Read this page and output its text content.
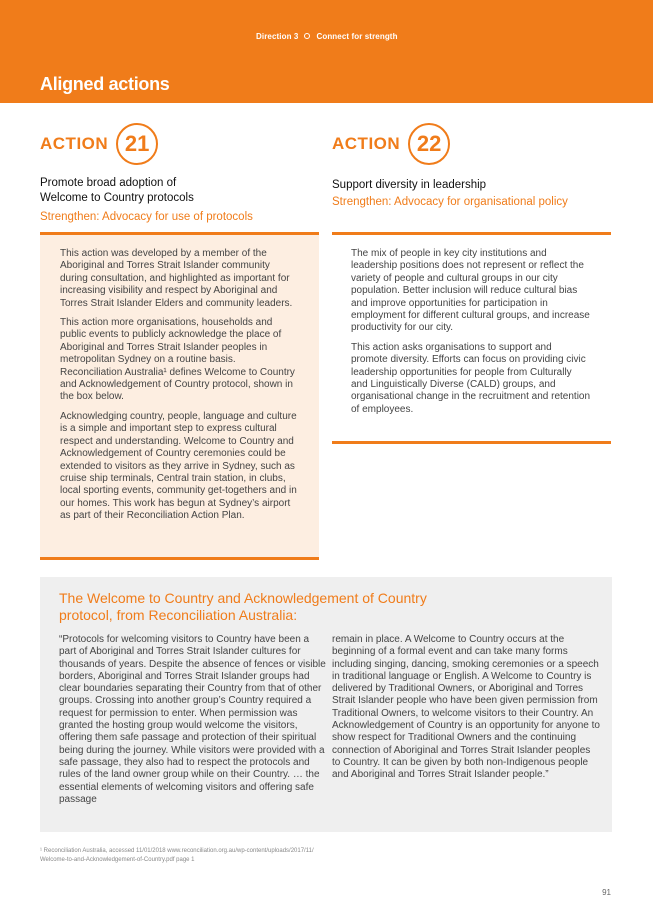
Direction 3 Connect for strength
Aligned actions
ACTION 21
Promote broad adoption of
Welcome to Country protocols
Strengthen: Advocacy for use of protocols

This action was developed by a member of the Aboriginal and Torres Strait Islander community during consultation, and highlighted as important for increasing visibility and respect by Aboriginal and Torres Strait Islander Elders and community leaders.

This action more organisations, households and public events to publicly acknowledge the place of Aboriginal and Torres Strait Islander peoples in metropolitan Sydney on a routine basis. Reconciliation Australia¹ defines Welcome to Country and Acknowledgement of Country protocol, shown in the box below.

Acknowledging country, people, language and culture is a simple and important step to express cultural respect and understanding. Welcome to Country and Acknowledgement of Country ceremonies could be extended to visitors as they arrive in Sydney, such as cruise ship terminals, Central train station, in clubs, local sporting events, community get-togethers and in our homes. This work has begun at Sydney’s airport as part of their Reconciliation Action Plan.

ACTION 22
Support diversity in leadership
Strengthen: Advocacy for organisational policy

The mix of people in key city institutions and leadership positions does not represent or reflect the variety of people and cultural groups in our city population. Better inclusion will reduce cultural bias and improve opportunities for participation in employment for different cultural groups, and increase productivity for our city.

This action asks organisations to support and promote diversity. Efforts can focus on providing civic leadership opportunities for people from Culturally and Linguistically Diverse (CALD) groups, and organisational change in the recruitment and retention of employees.

The Welcome to Country and Acknowledgement of Country protocol, from Reconciliation Australia:

“Protocols for welcoming visitors to Country have been a part of Aboriginal and Torres Strait Islander cultures for thousands of years. Despite the absence of fences or visible borders, Aboriginal and Torres Strait Islander groups had clear boundaries separating their Country from that of other groups. Crossing into another group’s Country required a request for permission to enter. When permission was granted the hosting group would welcome the visitors, offering them safe passage and protection of their spiritual being during the journey. While visitors were provided with a safe passage, they also had to respect the protocols and rules of the land owner group while on their Country. … the essential elements of welcoming visitors and offering safe passage

remain in place. A Welcome to Country occurs at the beginning of a formal event and can take many forms including singing, dancing, smoking ceremonies or a speech in traditional language or English. A Welcome to Country is delivered by Traditional Owners, or Aboriginal and Torres Strait Islander people who have been given permission from Traditional Owners, to welcome visitors to their Country. An Acknowledgement of Country is an opportunity for anyone to show respect for Traditional Owners and the continuing connection of Aboriginal and Torres Strait Islander peoples to Country. It can be given by both non-Indigenous people and Aboriginal and Torres Strait Islander people.”

¹ Reconciliation Australia, accessed 11/01/2018 www.reconciliation.org.au/wp-content/uploads/2017/11/
Welcome-to-and-Acknowledgement-of-Country.pdf page 1
91
